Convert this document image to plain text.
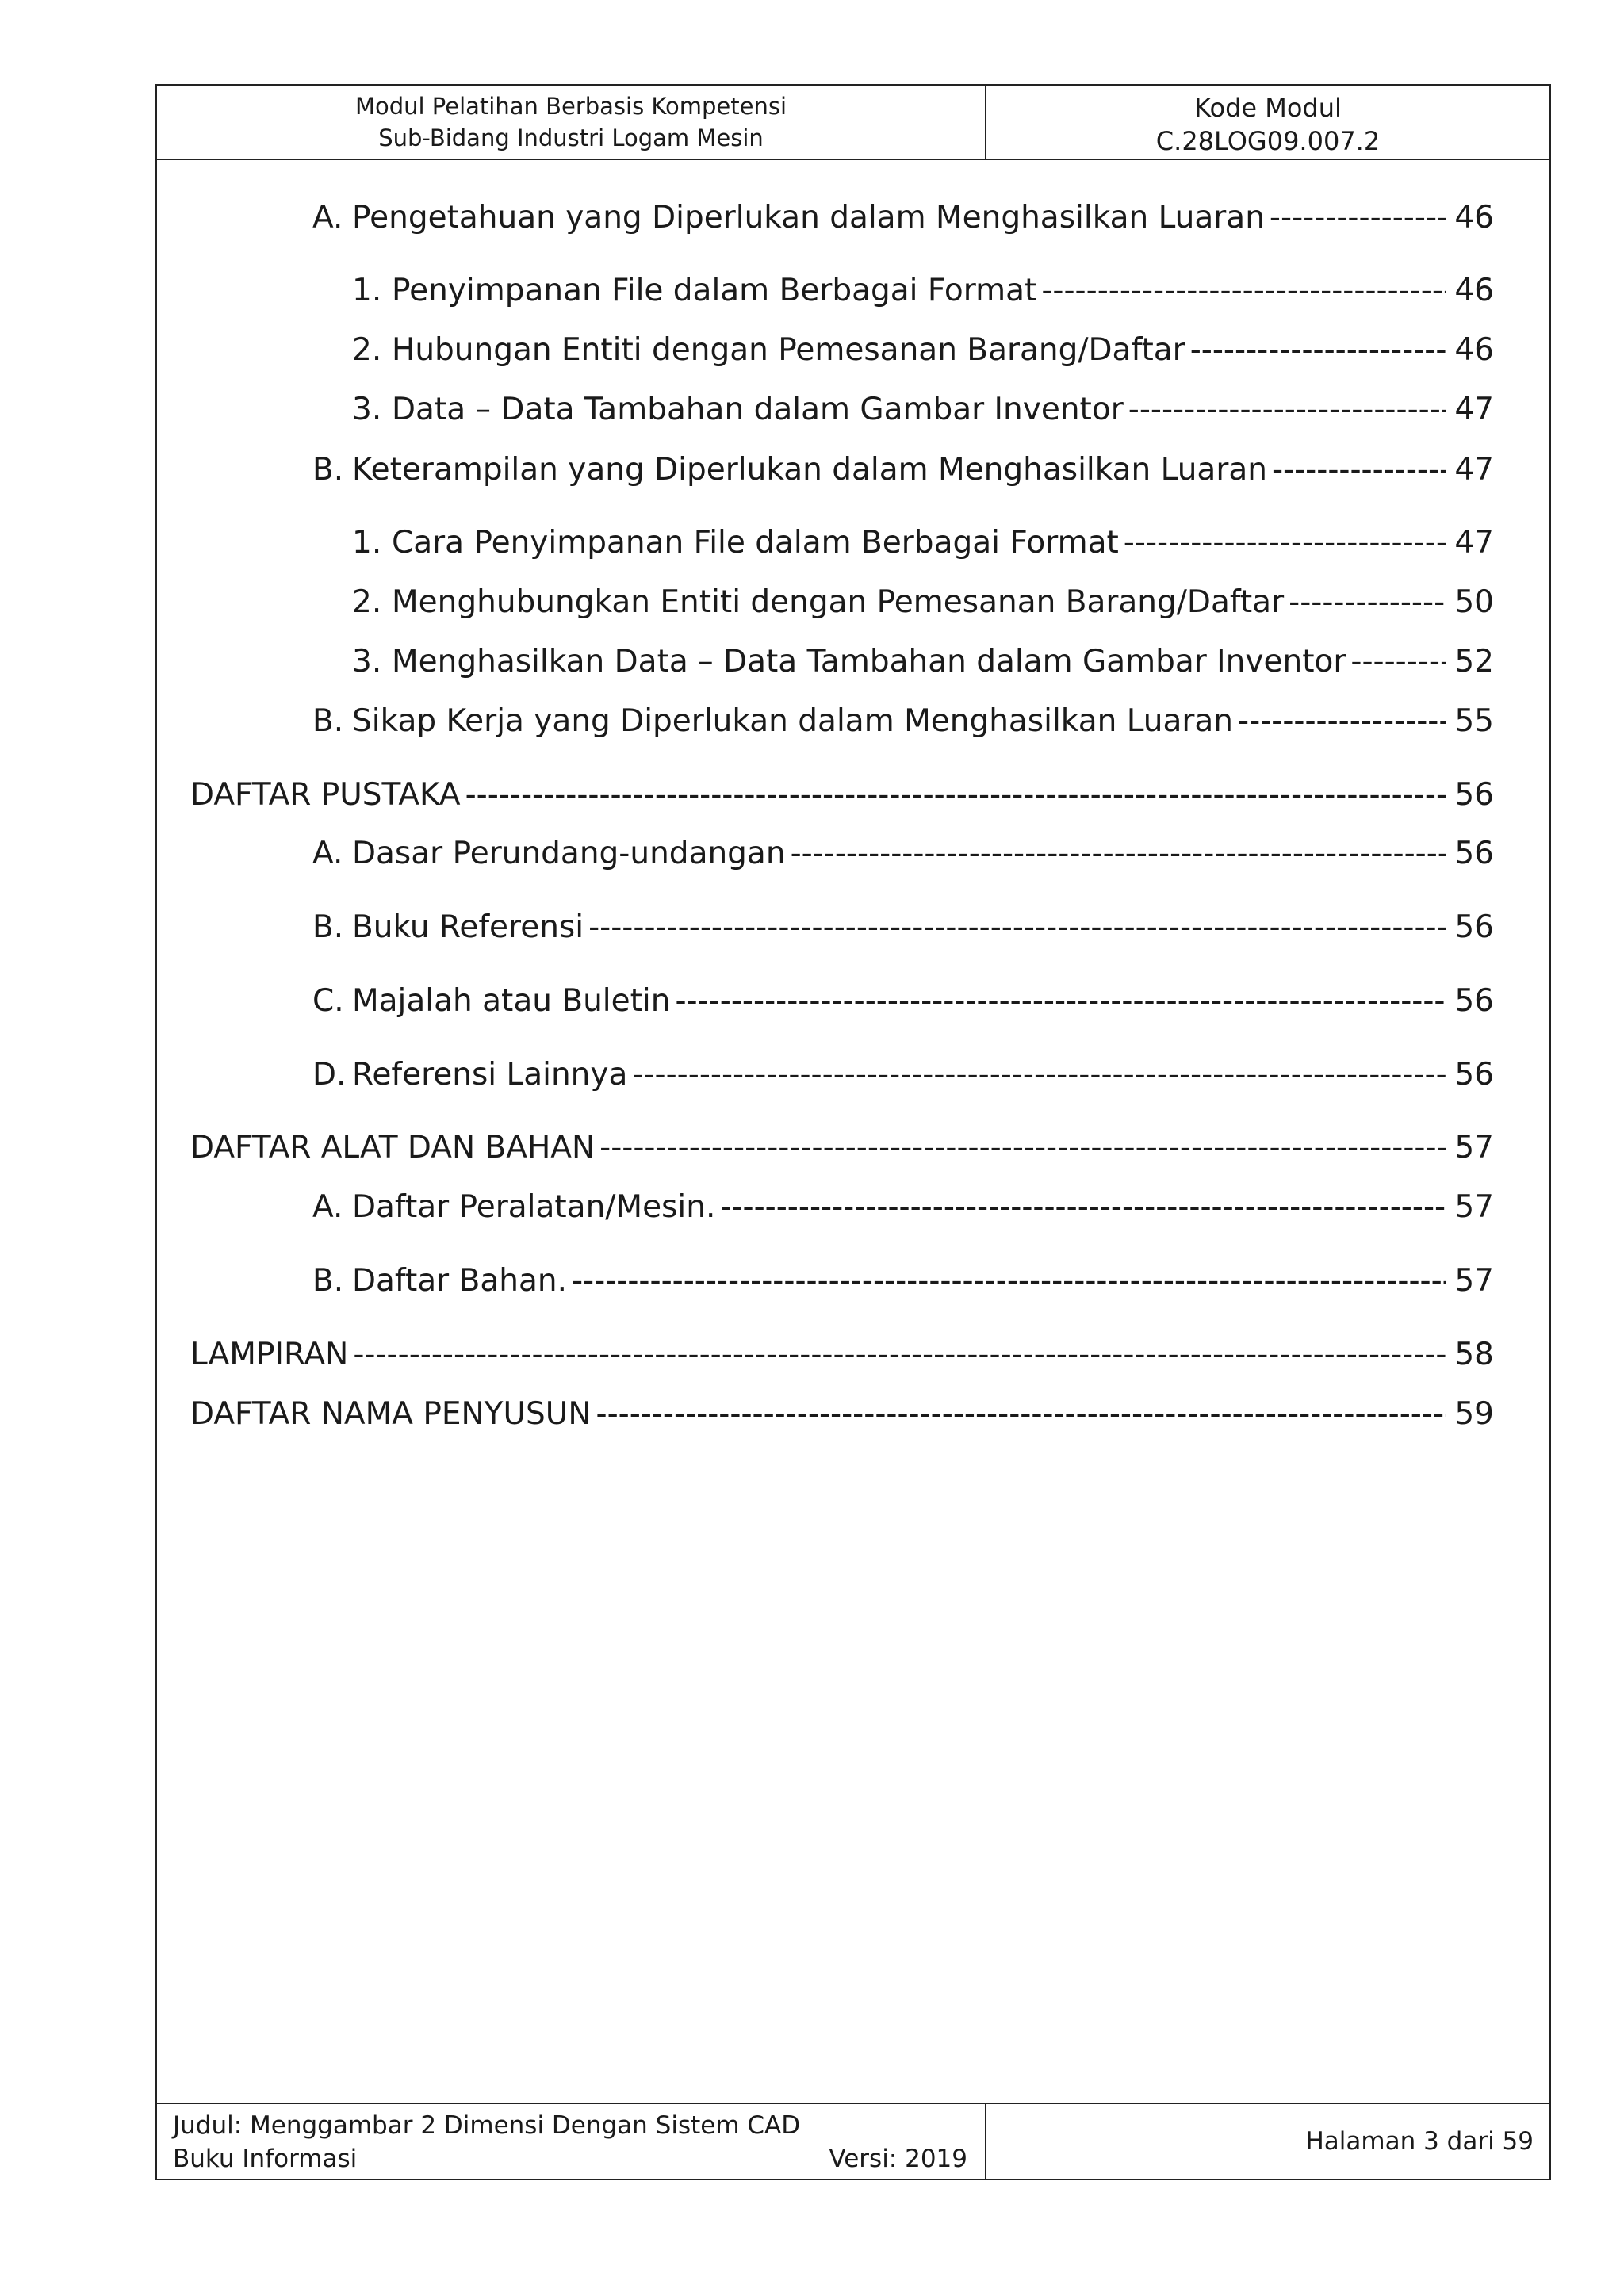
Modul Pelatihan Berbasis Kompetensi
Sub-Bidang Industri Logam Mesin
Kode Modul
C.28LOG09.007.2
Judul: Menggambar 2 Dimensi Dengan Sistem CAD
Buku Informasi	Versi: 2019
Halaman 3 dari 59
A. Pengetahuan yang Diperlukan dalam Menghasilkan Luaran -----	46
1. Penyimpanan File dalam Berbagai Format -----	46
2. Hubungan Entiti dengan Pemesanan Barang/Daftar -----	46
3. Data – Data Tambahan dalam Gambar Inventor -----	47
B. Keterampilan yang Diperlukan dalam Menghasilkan Luaran -----	47
1. Cara Penyimpanan File dalam Berbagai Format -----	47
2. Menghubungkan Entiti dengan Pemesanan Barang/Daftar -----	50
3. Menghasilkan Data – Data Tambahan dalam Gambar Inventor -----	52
B. Sikap Kerja yang Diperlukan dalam Menghasilkan Luaran -----	55
DAFTAR PUSTAKA -----	56
A. Dasar Perundang-undangan -----	56
B. Buku Referensi -----	56
C. Majalah atau Buletin -----	56
D. Referensi Lainnya -----	56
DAFTAR ALAT DAN BAHAN -----	57
A. Daftar Peralatan/Mesin. -----	57
B. Daftar Bahan. -----	57
LAMPIRAN -----	58
DAFTAR NAMA PENYUSUN -----	59
